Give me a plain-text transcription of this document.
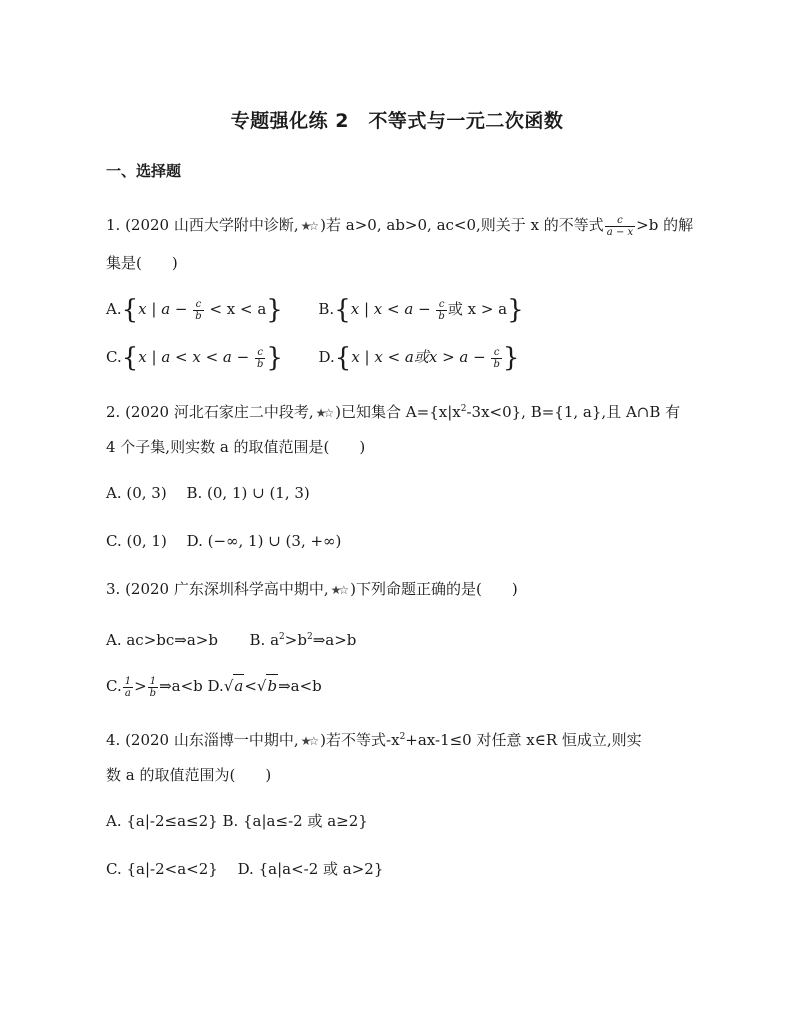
专题强化练 2　不等式与一元二次函数
一、选择题
1. (2020 山西大学附中诊断, ★☆ )若 a>0, ab>0, ac<0,则关于 x 的不等式 $\frac{c}{a - x} >b$ 的解
集是(　　)
A.{x | $a - \frac{c}{b} < x < a$} B.{x | $x < a - \frac{c}{b}$ 或 x > a}
C.{x | $a < x < a - \frac{c}{b}$ } D.{x | x < a或$x > a - \frac{c}{b}$ }
2. (2020 河北石家庄二中段考, ★☆ )已知集合 $A=\{x|x^2-3x<0\}$, B={1, a},且 A∩B 有
4 个子集,则实数 a 的取值范围是(　　)
A. (0, 3)　 B. (0, 1) ∪ (1, 3)
C. (0, 1)　 D. (−∞, 1) ∪ (3, +∞)
3. (2020 广东深圳科学高中期中, ★☆ )下列命题正确的是(　　)
A. ac>bc⇒a>b B. $a^2>b^2\Rightarrow a>b$
C. $\frac{1}{a} > \frac{1}{b}$ ⇒a<b D.√a<√b⇒a<b
4. (2020 山东淄博一中期中, ★☆ )若不等式$-x^2+ax-1\le 0$ 对任意 x∈R 恒成立,则实
数 a 的取值范围为(　　)
A. {a|-2≤a≤2} B. {a|a≤-2 或 a≥2}
C. {a|-2<a<2}　 D. {a|a<-2 或 a>2}
